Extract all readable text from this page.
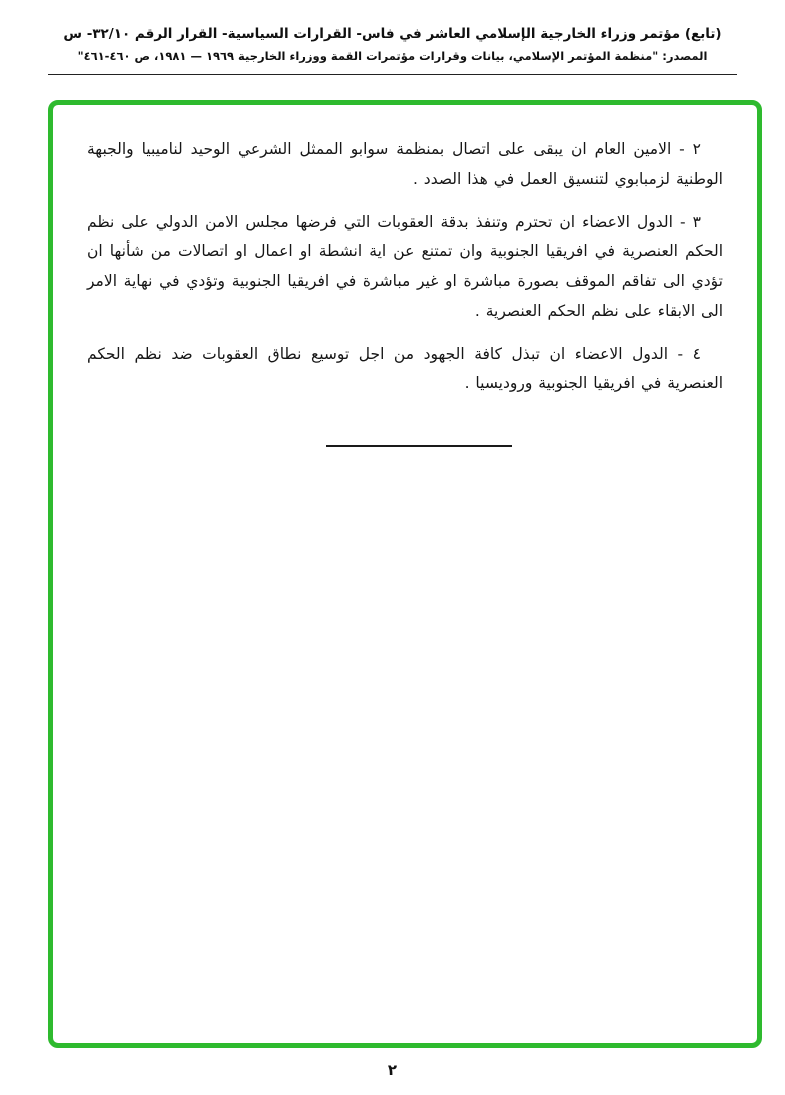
(تابع) مؤتمر وزراء الخارجية الإسلامي العاشر في فاس- القرارات السياسية- القرار الرقم ٣٢/١٠- س
المصدر: "منظمة المؤتمر الإسلامي، بيانات وقرارات مؤتمرات القمة ووزراء الخارجية ١٩٦٩ — ١٩٨١، ص ٤٦٠-٤٦١"

٢ - الامين العام ان يبقى على اتصال بمنظمة سوابو الممثل الشرعي الوحيد لناميبيا والجبهة الوطنية لزمبابوي لتنسيق العمل في هذا الصدد .

٣ - الدول الاعضاء ان تحترم وتنفذ بدقة العقوبات التي فرضها مجلس الامن الدولي على نظم الحكم العنصرية في افريقيا الجنوبية وان تمتنع عن اية انشطة او اعمال او اتصالات من شأنها ان تؤدي الى تفاقم الموقف بصورة مباشرة او غير مباشرة في افريقيا الجنوبية وتؤدي في نهاية الامر الى الابقاء على نظم الحكم العنصرية .

٤ - الدول الاعضاء ان تبذل كافة الجهود من اجل توسيع نطاق العقوبات ضد نظم الحكم العنصرية في افريقيا الجنوبية وروديسيا .

٢
